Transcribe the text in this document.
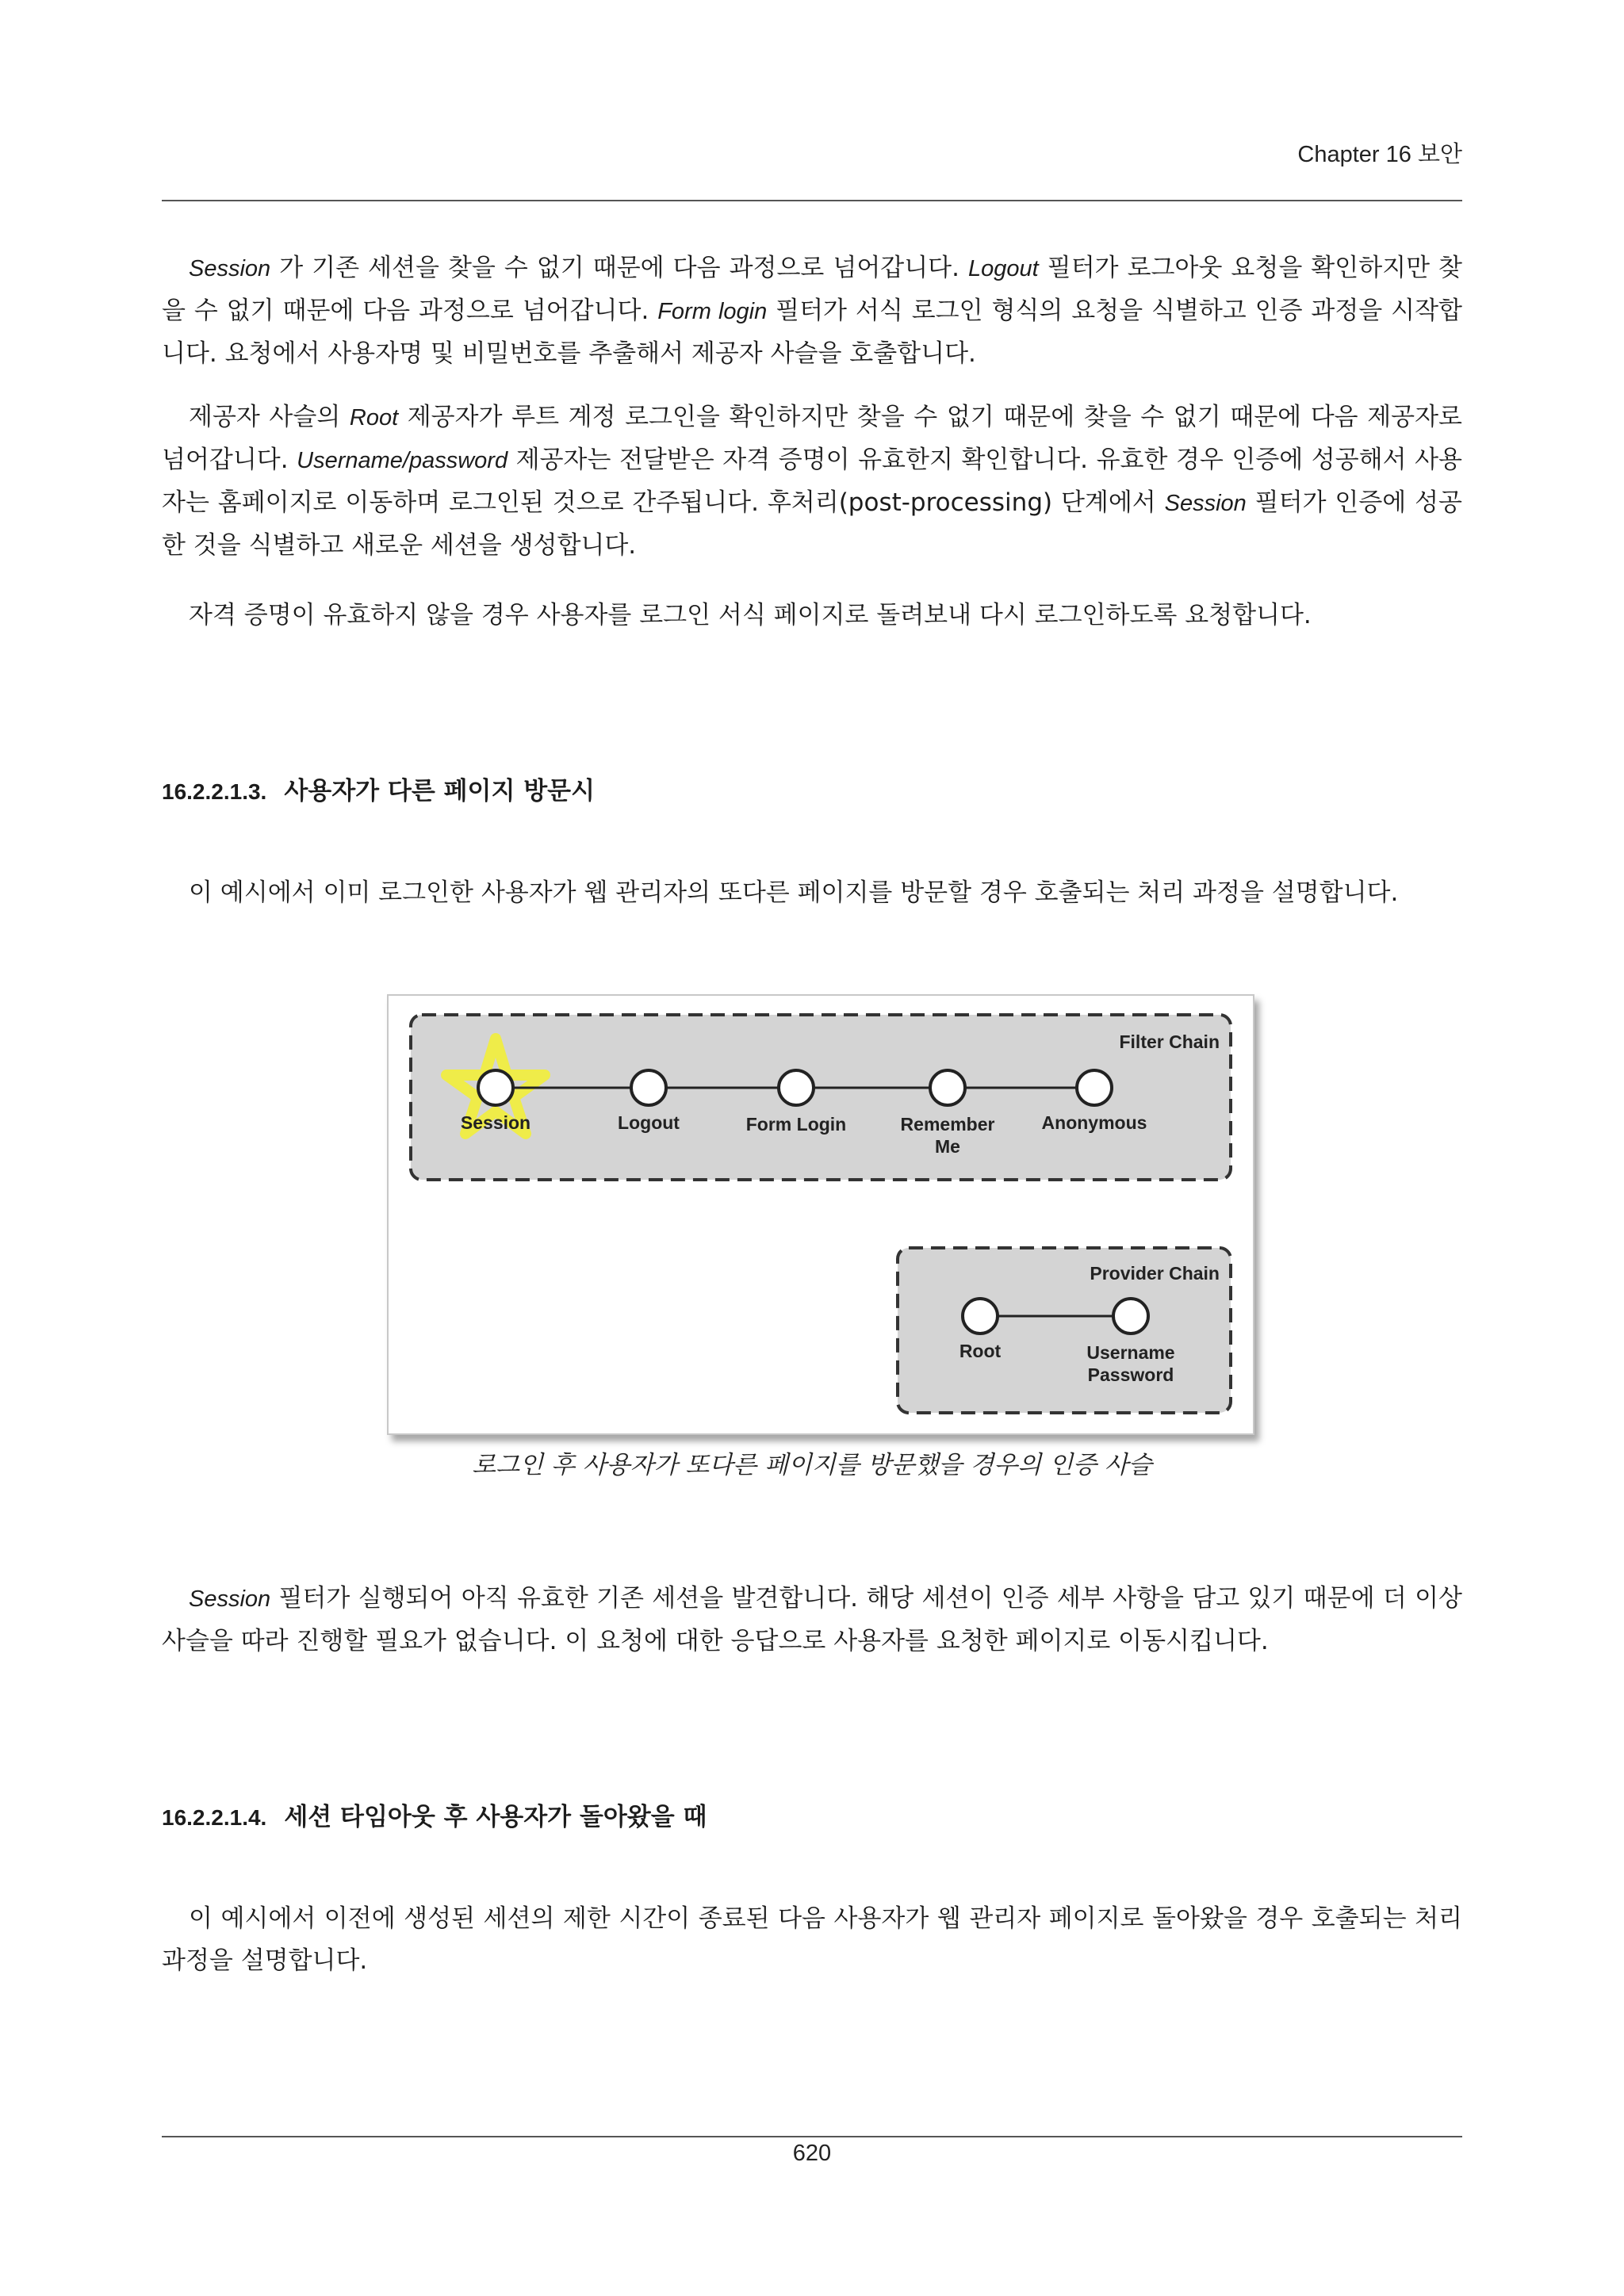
Chapter 16 보안

Session 가 기존 세션을 찾을 수 없기 때문에 다음 과정으로 넘어갑니다. Logout 필터가 로그아웃 요청을 확인하지만 찾을 수 없기 때문에 다음 과정으로 넘어갑니다. Form login 필터가 서식 로그인 형식의 요청을 식별하고 인증 과정을 시작합니다. 요청에서 사용자명 및 비밀번호를 추출해서 제공자 사슬을 호출합니다.

제공자 사슬의 Root 제공자가 루트 계정 로그인을 확인하지만 찾을 수 없기 때문에 찾을 수 없기 때문에 다음 제공자로 넘어갑니다. Username/password 제공자는 전달받은 자격 증명이 유효한지 확인합니다. 유효한 경우 인증에 성공해서 사용자는 홈페이지로 이동하며 로그인된 것으로 간주됩니다. 후처리(post-processing) 단계에서 Session 필터가 인증에 성공한 것을 식별하고 새로운 세션을 생성합니다.

자격 증명이 유효하지 않을 경우 사용자를 로그인 서식 페이지로 돌려보내 다시 로그인하도록 요청합니다.

16.2.2.1.3. 사용자가 다른 페이지 방문시

이 예시에서 이미 로그인한 사용자가 웹 관리자의 또다른 페이지를 방문할 경우 호출되는 처리 과정을 설명합니다.

Filter Chain
Session	Logout	Form Login	Remember
Me
Anonymous
Provider Chain
Root	Username
Password

로그인 후 사용자가 또다른 페이지를 방문했을 경우의 인증 사슬

Session 필터가 실행되어 아직 유효한 기존 세션을 발견합니다. 해당 세션이 인증 세부 사항을 담고 있기 때문에 더 이상 사슬을 따라 진행할 필요가 없습니다. 이 요청에 대한 응답으로 사용자를 요청한 페이지로 이동시킵니다.

16.2.2.1.4. 세션 타임아웃 후 사용자가 돌아왔을 때

이 예시에서 이전에 생성된 세션의 제한 시간이 종료된 다음 사용자가 웹 관리자 페이지로 돌아왔을 경우 호출되는 처리 과정을 설명합니다.

620
